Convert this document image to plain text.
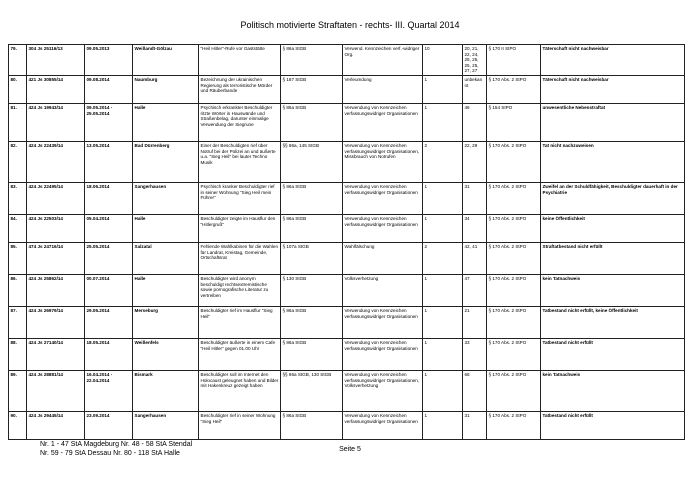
Politisch motivierte Straftaten - rechts- III. Quartal 2014
79.	304 Js 25116/13	09.05.2013	Weißandt-Gölzau	"Heil Hitler"-Rufe vor Gaststätte	§ 86a StGB	Verwend. Kennzeichen verf.-widriger Org.	10	20, 21, 22, 24, 25, 25, 25, 25, 27, 27	§ 170 II StPO	Täterschaft nicht nachweisbar
80.	421 Js 30855/14	09.08.2014	Naumburg	Bezeichnung der ukrainischen Regierung als terroristische Mörder und Räuberbande	§ 187 StGB	Verleumdung	1	unbekannt	§ 170 Abs. 2 StPO	Täterschaft nicht nachweisbar
81.	424 Js 19943/14	09.05.2014 - 25.05.2014	Halle	Psychisch erkrankter Beschuldigter ritzte Wörter in Hauswände und Straßenbelag, darunter einmalige Verwendung der Siegrune	§ 86a StGB	Verwendung von Kennzeichen verfassungswidriger Organisationen	1	46	§ 154 StPO	unwesentliche Nebenstraftat
82.	424 Js 22439/14	13.05.2014	Bad Dürrenberg	Einer der Beschuldigten rief über Notruf bei der Polizei an und äußerte u.a. "Sieg Heil" bei lauter Techno Musik	§§ 86a, 145 StGB	Verwendung von Kennzeichen verfassungswidriger Organisationen, Missbrauch von Notrufen	2	22, 29	§ 170 Abs. 2 StPO	Tat nicht nachzuweisen
83.	424 Js 22495/14	18.06.2014	Sangerhausen	Psychisch kranker Beschuldigter rief in seiner Wohnung "Sieg Heil mein Führer"	§ 86a StGB	Verwendung von Kennzeichen verfassungswidriger Organisationen	1	31	§ 170 Abs. 2 StPO	Zweifel an der Schuldfähigkeit, Beschuldigter dauerhaft in der Psychiatrie
84.	424 Js 22503/14	05.04.2014	Halle	Beschuldigter zeigte im Hausflur den "Hitlergruß"	§ 86a StGB	Verwendung von Kennzeichen verfassungswidriger Organisationen	1	34	§ 170 Abs. 2 StPO	keine Öffentlichkeit
85.	474 Js 24716/14	25.05.2014	Salzatal	Fehlende Wahlkabinen für die Wahlen für Landrat, Kreistag, Gemeinde, Ortschaftsrat	§ 107a StGB	Wahlfälschung	2	42, 41	§ 170 Abs. 2 StPO	Straftatbestand nicht erfüllt
86.	424 Js 25862/14	00.07.2014	Halle	Beschuldigter wird anonym beschuldigt rechtsextremistische sowie pornografische Literatur zu vertreiben	§ 130 StGB	Volksverhetzung	1	47	§ 170 Abs. 2 StPO	kein Tatnachweis
87.	424 Js 26979/14	29.05.2014	Merseburg	Beschuldigter rief im Hausflur "Sieg Heil"	§ 86a StGB	Verwendung von Kennzeichen verfassungswidriger Organisationen	1	21	§ 170 Abs. 2 StPO	Tatbestand nicht erfüllt, keine Öffentlichkeit
88.	424 Js 27140/14	18.05.2014	Weißenfels	Beschuldigter äußerte in einem Cafe "Heil Hitler" gegen 01.00 Uhr	§ 86a StGB	Verwendung von Kennzeichen verfassungswidriger Organisationen	1	33	§ 170 Abs. 2 StPO	Tatbestand nicht erfüllt
89.	424 Js 28881/14	16.04.2014 - 22.04.2014	Bismark	Beschuldigter soll im Internet den Holocaust geleugnet haben und Bilder mit Hakenkreuz gezeigt haben	§§ 86a StGB, 130 StGB	Verwendung von Kennzeichen verfassungswidriger Organisationen, Volksverhetzung	1	66	§ 170 Abs. 2 StPO	kein Tatnachweis
90.	424 Js 29445/14	23.09.2014	Sangerhausen	Beschuldigter rief in seiner Wohnung "Sieg Heil"	§ 86a StGB	Verwendung von Kennzeichen verfassungswidriger Organisationen	1	31	§ 170 Abs. 2 StPO	Tatbestand nicht erfüllt
Nr. 1 - 47 StA Magdeburg Nr. 48 - 58 StA Stendal
Nr. 59 - 79 StA Dessau Nr. 80 - 118 StA Halle
Seite 5
